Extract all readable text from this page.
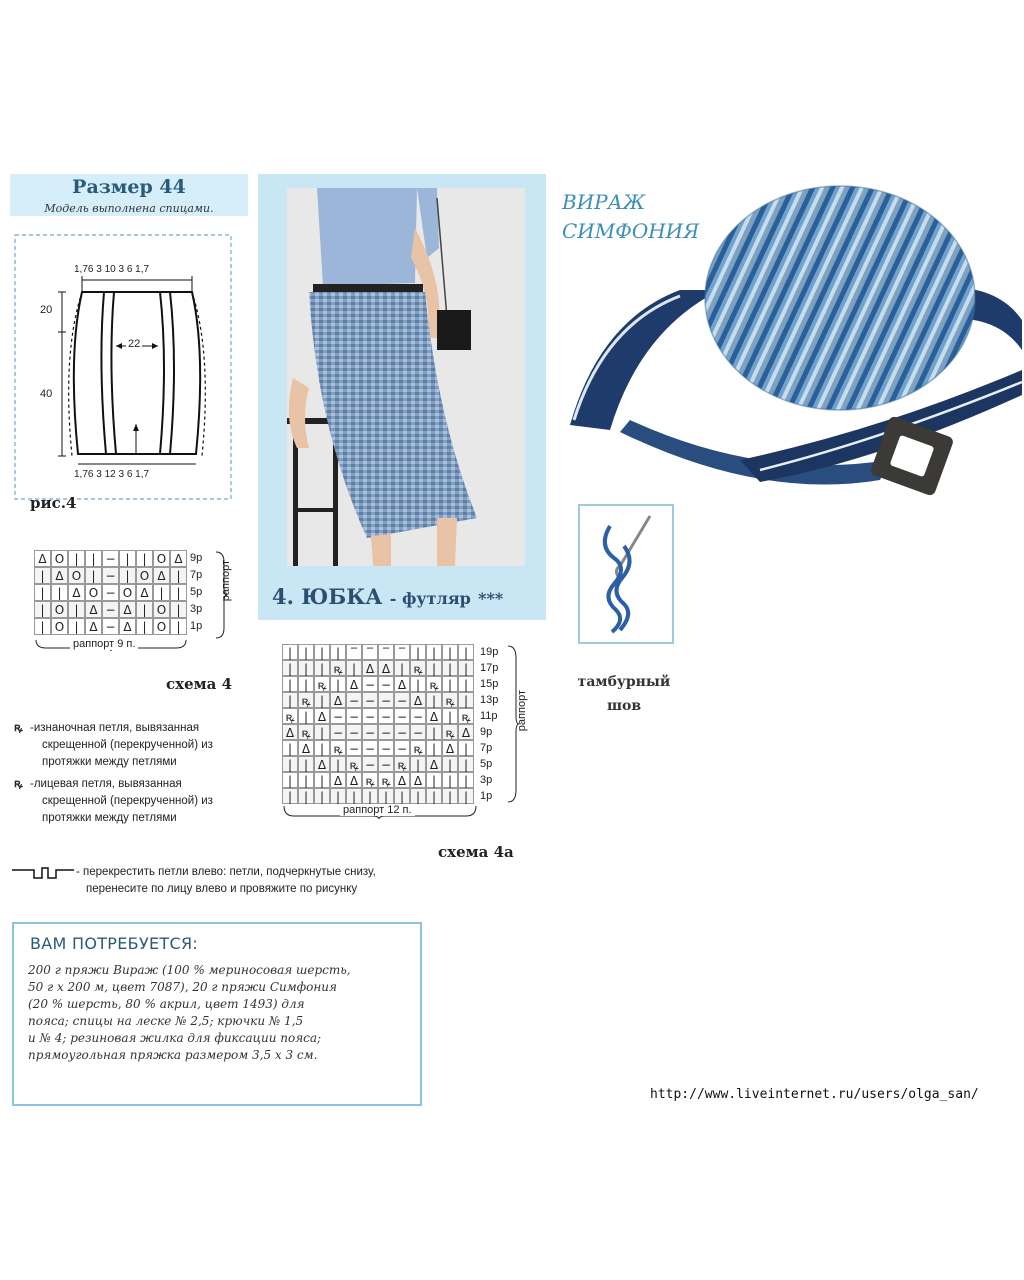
Размер 44
Модель выполнена спицами.
1,76 3 10 3 6 1,7
1,76 3 12 3 6 1,7
22
20
40
рис.4
4. ЮБКА - футляр ***
ВИРАЖ
СИМФОНИЯ
тамбурный
шов
Δ O |	| − |	| O Δ
| Δ O | − | O Δ |
|	| Δ O − O Δ |	|
| O | Δ − Δ | O |
| O | Δ − Δ | O |
9р
7р
5р
3р
1р
раппорт
раппорт 9 п.
схема 4
| | | | ‾ ‾ ‾ ‾ | | | |
| | | ꝶ | Δ Δ | ꝶ | | |
| | ꝶ | Δ − − Δ | ꝶ | |
| ꝶ | Δ − − − − Δ | ꝶ |
ꝶ | Δ − − − − − − Δ | ꝶ
Δ ꝶ | − − − − − − | ꝶ Δ
| Δ | ꝶ − − − − ꝶ | Δ |
| | Δ | ꝶ − − ꝶ | Δ | |
| | | Δ Δ ꝶ ꝶ Δ Δ | | |
| | | | | | | | | | | |
19р
17р
15р
13р
11р
9р
7р
5р
3р
1р
раппорт
раппорт 12 п.
схема 4а
ꝶ -изнаночная петля, вывязанная
скрещенной (перекрученной) из
протяжки между петлями
ꝶ -лицевая петля, вывязанная
скрещенной (перекрученной) из
протяжки между петлями
- перекрестить петли влево: петли, подчеркнутые снизу,
перенесите по лицу влево и провяжите по рисунку
ВАМ ПОТРЕБУЕТСЯ:
200 г пряжи Вираж (100 % мериносовая шерсть,
50 г х 200 м, цвет 7087), 20 г пряжи Симфония
(20 % шерсть, 80 % акрил, цвет 1493) для
пояса; спицы на леске № 2,5; крючки № 1,5
и № 4; резиновая жилка для фиксации пояса;
прямоугольная пряжка размером 3,5 х 3 см.
http://www.liveinternet.ru/users/olga_san/
